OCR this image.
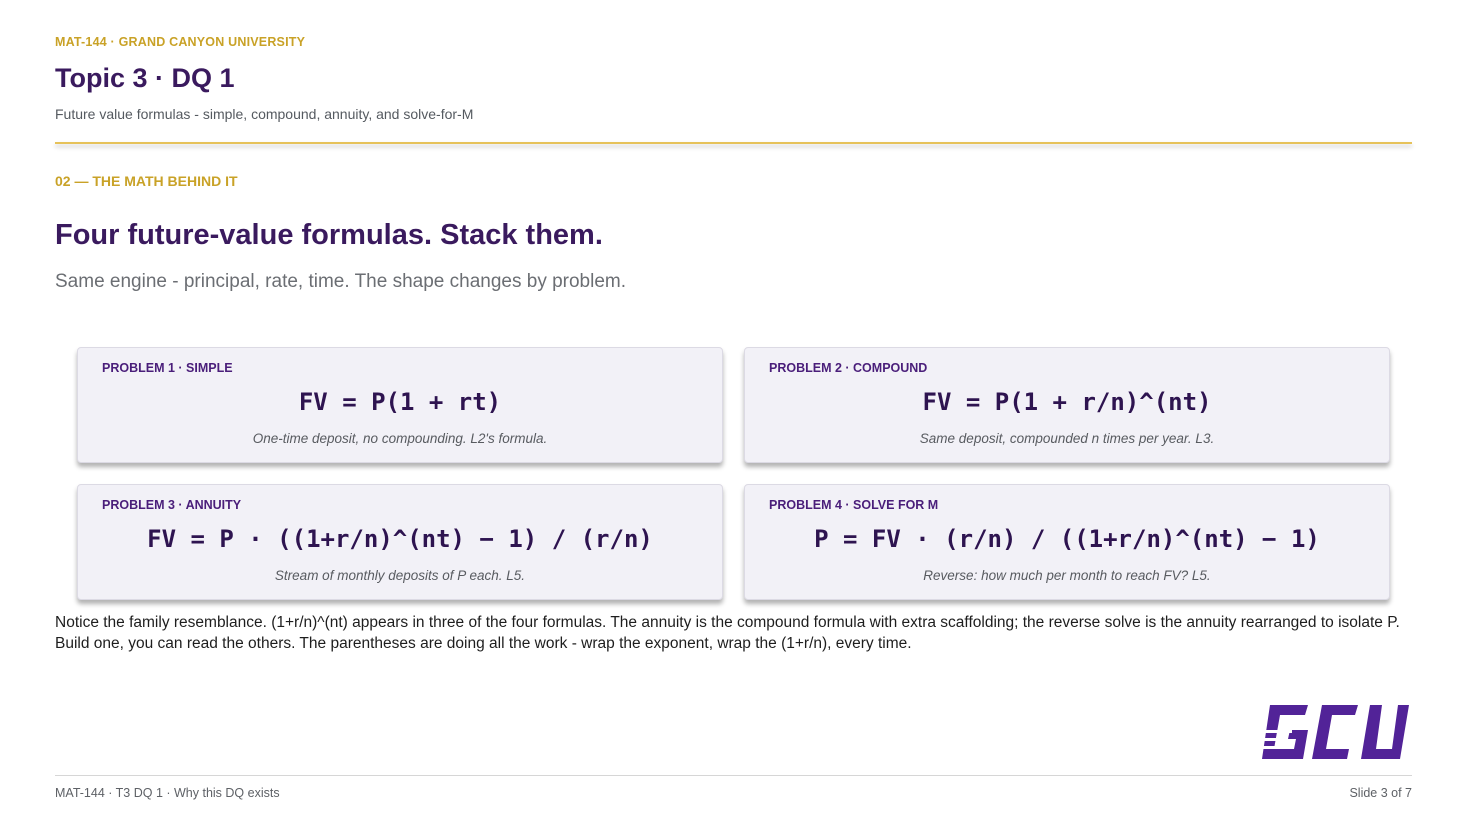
MAT-144 · GRAND CANYON UNIVERSITY
Topic 3 · DQ 1
Future value formulas - simple, compound, annuity, and solve-for-M
02 — THE MATH BEHIND IT
Four future-value formulas. Stack them.
Same engine - principal, rate, time. The shape changes by problem.
PROBLEM 1 · SIMPLE
FV = P(1 + rt)
One-time deposit, no compounding. L2's formula.
PROBLEM 2 · COMPOUND
FV = P(1 + r/n)^(nt)
Same deposit, compounded n times per year. L3.
PROBLEM 3 · ANNUITY
FV = P · ((1+r/n)^(nt) − 1) / (r/n)
Stream of monthly deposits of P each. L5.
PROBLEM 4 · SOLVE FOR M
P = FV · (r/n) / ((1+r/n)^(nt) − 1)
Reverse: how much per month to reach FV? L5.

Notice the family resemblance. (1+r/n)^(nt) appears in three of the four formulas. The annuity is the compound formula with extra scaffolding; the reverse solve is the annuity rearranged to isolate P. Build one, you can read the others. The parentheses are doing all the work - wrap the exponent, wrap the (1+r/n), every time.

MAT-144 · T3 DQ 1 · Why this DQ exists	Slide 3 of 7
